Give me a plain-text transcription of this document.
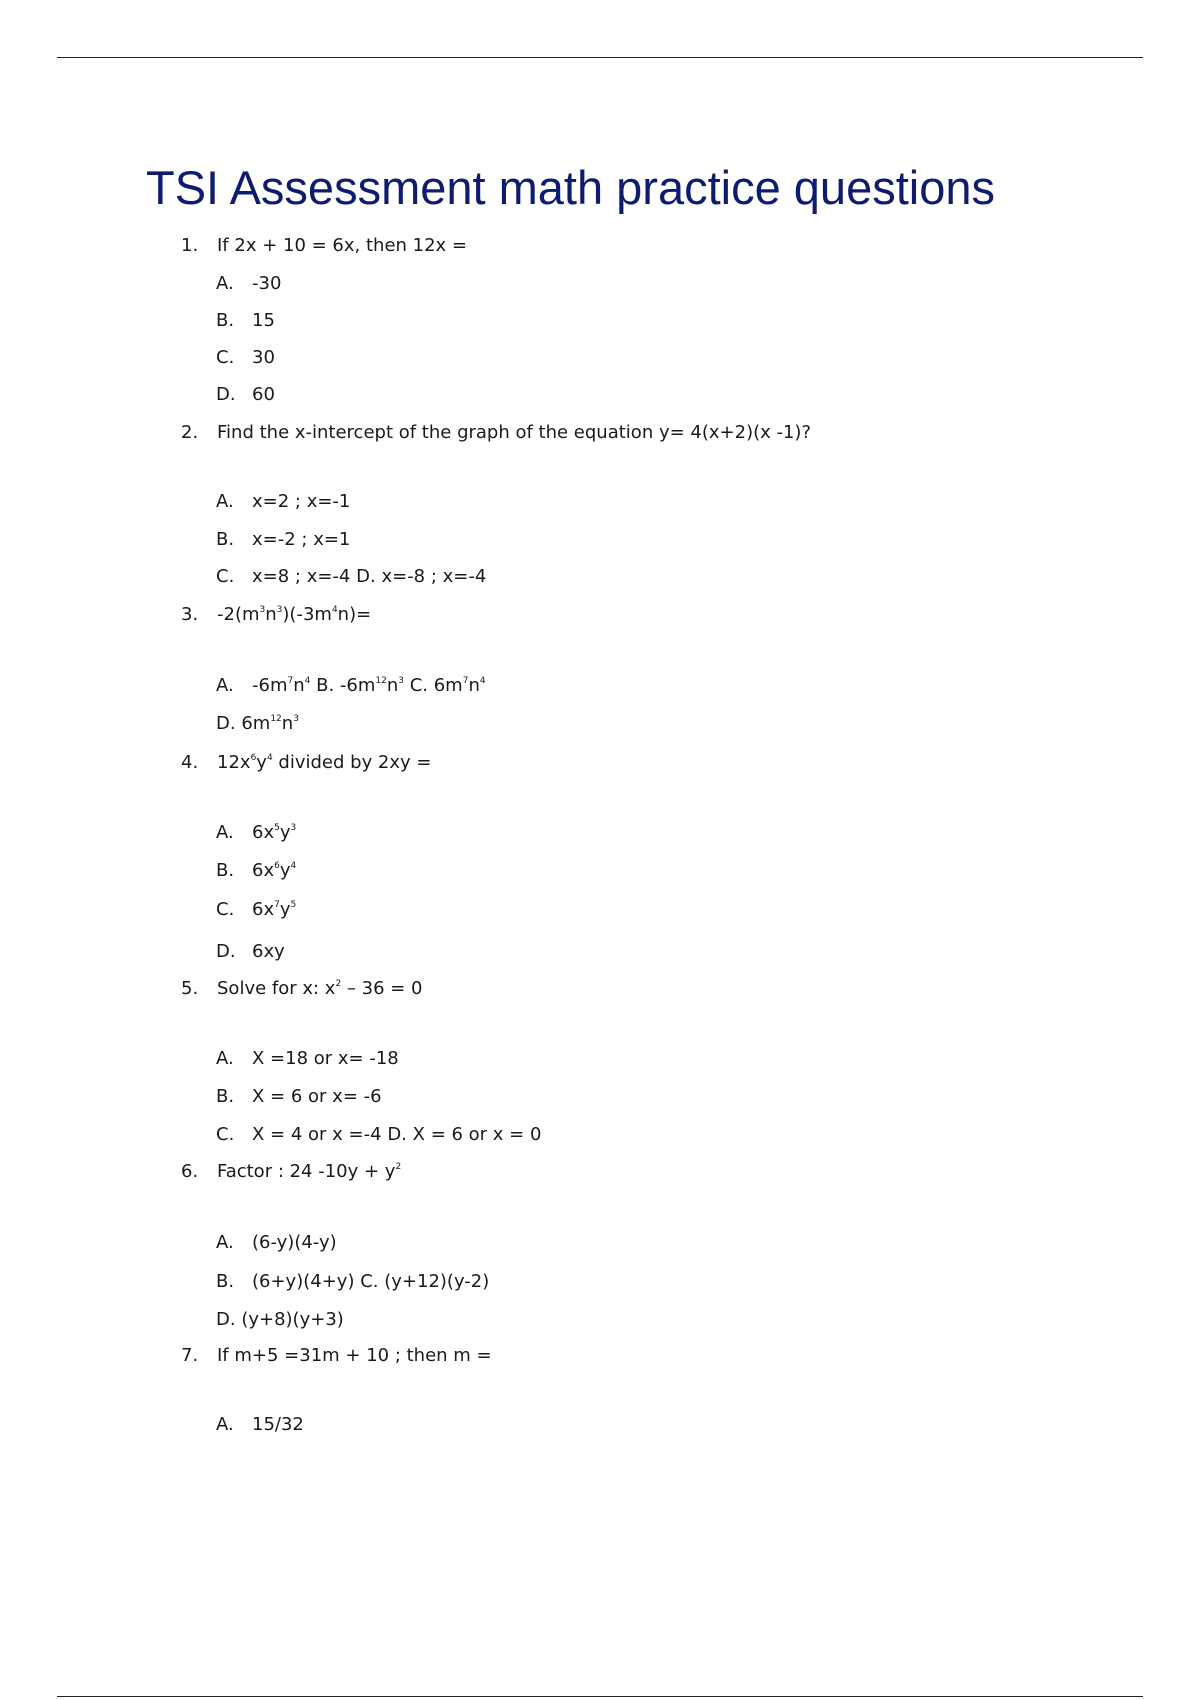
TSI Assessment math practice questions
1. If 2x + 10 = 6x, then 12x =
A. -30
B. 15
C. 30
D. 60
2. Find the x-intercept of the graph of the equation y= 4(x+2)(x -1)?
A. x=2 ; x=-1
B. x=-2 ; x=1
C. x=8 ; x=-4 D. x=-8 ; x=-4
3. $-2(m^3n^3)(-3m^4n)=$
A. $-6m^7n^4$ B. $-6m^{12}n^3$ C. $6m^7n^4$
D. $6m^{12}n^3$
4. $12x^6y^4$ divided by 2xy =
A. $6x^5y^3$
B. $6x^6y^4$
C. $6x^7y^5$
D. 6xy
5. Solve for x: $x^2 - 36 = 0$
A. X =18 or x= -18
B. X = 6 or x= -6
C. X = 4 or x =-4 D. X = 6 or x = 0
6. Factor : 24 $-10y + y^2$
A. (6-y)(4-y)
B. (6+y)(4+y) C. (y+12)(y-2)
D. (y+8)(y+3)
7. If m+5 =31m + 10 ; then m =
A. 15/32
